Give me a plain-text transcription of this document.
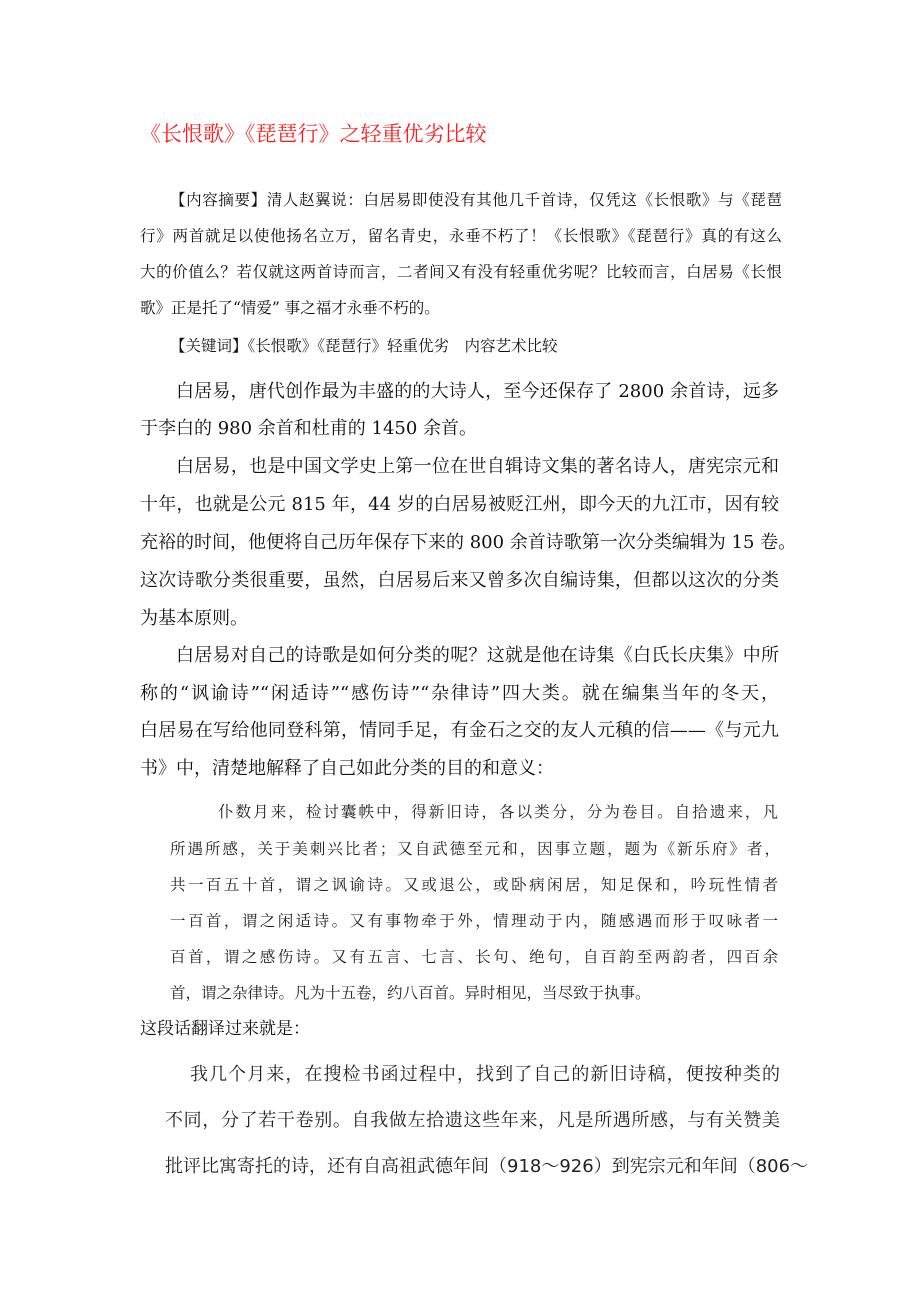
《长恨歌》《琵琶行》之轻重优劣比较
【内容摘要】清人赵翼说：白居易即使没有其他几千首诗，仅凭这《长恨歌》与《琵琶
行》两首就足以使他扬名立万，留名青史，永垂不朽了！《长恨歌》《琵琶行》真的有这么
大的价值么？若仅就这两首诗而言，二者间又有没有轻重优劣呢？比较而言，白居易《长恨
歌》正是托了“情爱” 事之福才永垂不朽的。
【关键词】《长恨歌》《琵琶行》轻重优劣　内容艺术比较
白居易，唐代创作最为丰盛的的大诗人，至今还保存了 2800 余首诗，远多
于李白的 980 余首和杜甫的 1450 余首。
白居易，也是中国文学史上第一位在世自辑诗文集的著名诗人，唐宪宗元和
十年，也就是公元 815 年，44 岁的白居易被贬江州，即今天的九江市，因有较
充裕的时间，他便将自己历年保存下来的 800 余首诗歌第一次分类编辑为 15 卷。
这次诗歌分类很重要，虽然，白居易后来又曾多次自编诗集，但都以这次的分类
为基本原则。
白居易对自己的诗歌是如何分类的呢？这就是他在诗集《白氏长庆集》中所
称的“讽谕诗”“闲适诗”“感伤诗”“杂律诗”四大类。就在编集当年的冬天，
白居易在写给他同登科第，情同手足，有金石之交的友人元稹的信——《与元九
书》中，清楚地解释了自己如此分类的目的和意义：
仆数月来，检讨囊帙中，得新旧诗，各以类分，分为卷目。自拾遗来，凡
所遇所感，关于美刺兴比者；又自武德至元和，因事立题，题为《新乐府》者，
共一百五十首，谓之讽谕诗。又或退公，或卧病闲居，知足保和，吟玩性情者
一百首，谓之闲适诗。又有事物牵于外，情理动于内，随感遇而形于叹咏者一
百首，谓之感伤诗。又有五言、七言、长句、绝句，自百韵至两韵者，四百余
首，谓之杂律诗。凡为十五卷，约八百首。异时相见，当尽致于执事。
这段话翻译过来就是：
我几个月来，在搜检书函过程中，找到了自己的新旧诗稿，便按种类的
不同，分了若干卷别。自我做左拾遗这些年来，凡是所遇所感，与有关赞美
批评比寓寄托的诗，还有自高祖武德年间（918～926）到宪宗元和年间（806～
